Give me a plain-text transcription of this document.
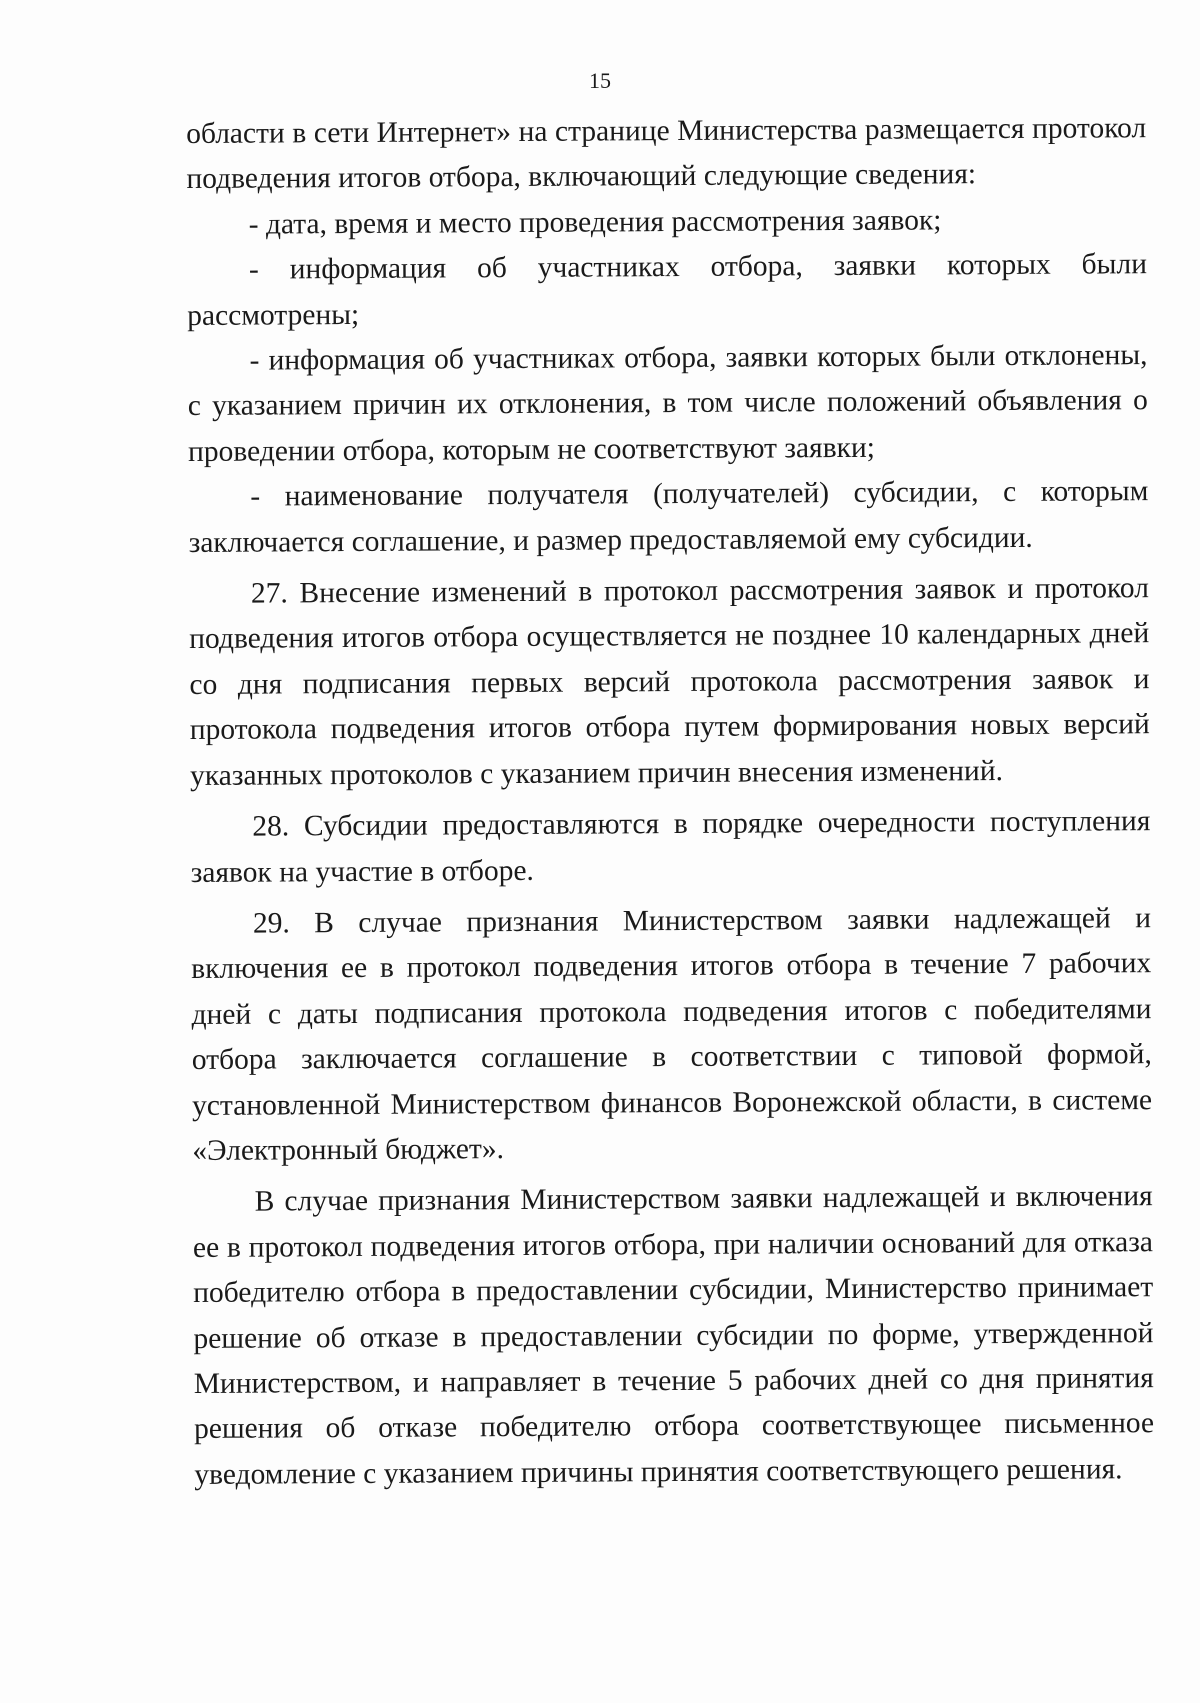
15

области в сети Интернет» на странице Министерства размещается протокол подведения итогов отбора, включающий следующие сведения:

- дата, время и место проведения рассмотрения заявок;

- информация об участниках отбора, заявки которых были рассмотрены;

- информация об участниках отбора, заявки которых были отклонены, с указанием причин их отклонения, в том числе положений объявления о проведении отбора, которым не соответствуют заявки;

- наименование получателя (получателей) субсидии, с которым заключается соглашение, и размер предоставляемой ему субсидии.

27. Внесение изменений в протокол рассмотрения заявок и протокол подведения итогов отбора осуществляется не позднее 10 календарных дней со дня подписания первых версий протокола рассмотрения заявок и протокола подведения итогов отбора путем формирования новых версий указанных протоколов с указанием причин внесения изменений.

28. Субсидии предоставляются в порядке очередности поступления заявок на участие в отборе.

29. В случае признания Министерством заявки надлежащей и включения ее в протокол подведения итогов отбора в течение 7 рабочих дней с даты подписания протокола подведения итогов с победителями отбора заключается соглашение в соответствии с типовой формой, установленной Министерством финансов Воронежской области, в системе «Электронный бюджет».

В случае признания Министерством заявки надлежащей и включения ее в протокол подведения итогов отбора, при наличии оснований для отказа победителю отбора в предоставлении субсидии, Министерство принимает решение об отказе в предоставлении субсидии по форме, утвержденной Министерством, и направляет в течение 5 рабочих дней со дня принятия решения об отказе победителю отбора соответствующее письменное уведомление с указанием причины принятия соответствующего решения.
